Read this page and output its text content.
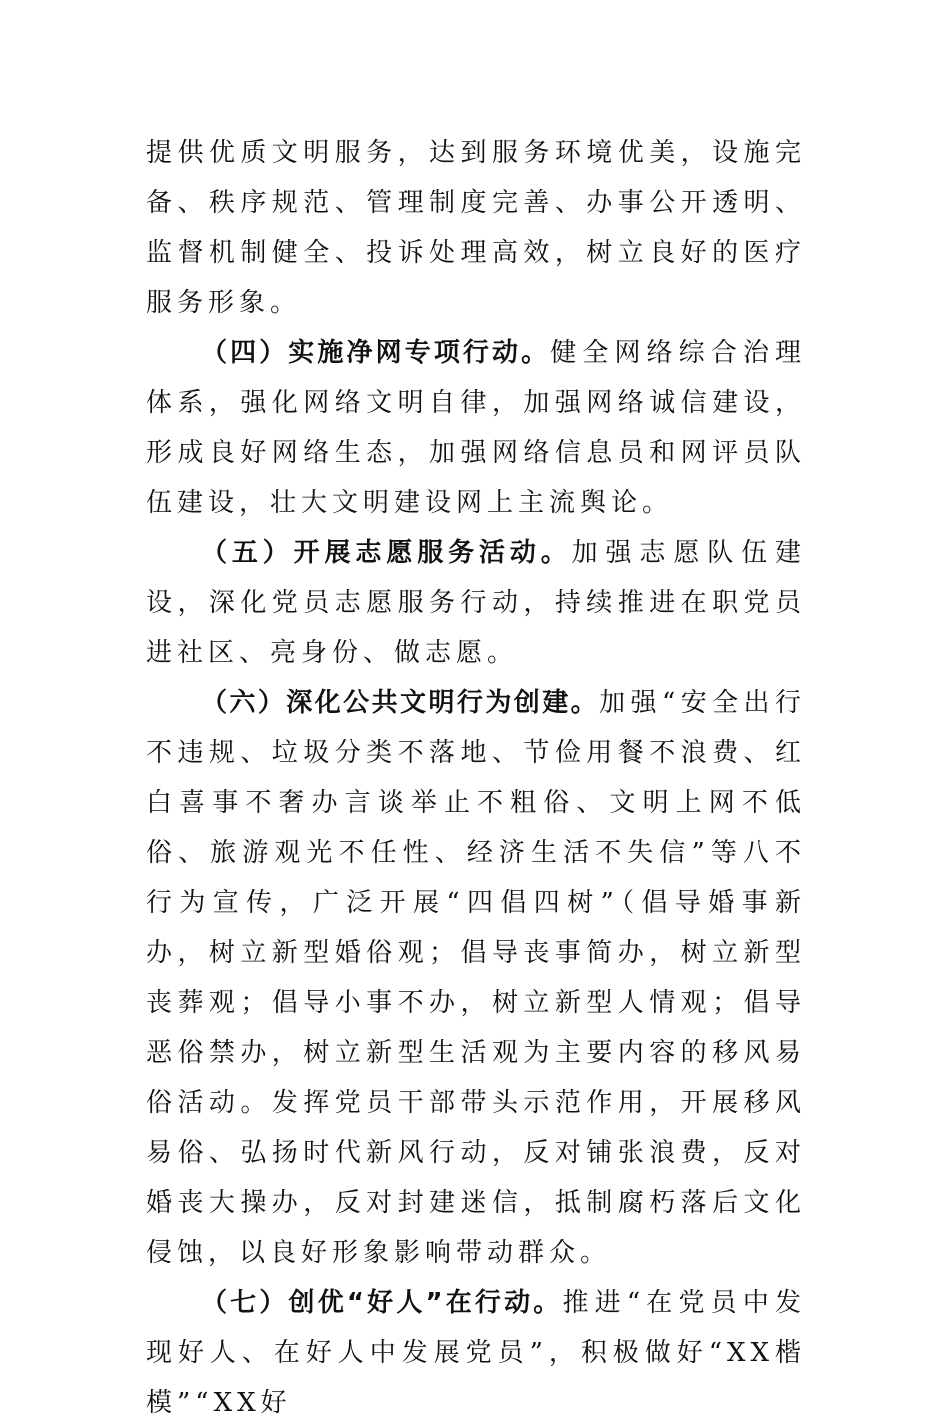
提供优质文明服务，达到服务环境优美，设施完备、秩序规范、管理制度完善、办事公开透明、监督机制健全、投诉处理高效，树立良好的医疗服务形象。

（四）实施净网专项行动。健全网络综合治理体系，强化网络文明自律，加强网络诚信建设，形成良好网络生态，加强网络信息员和网评员队伍建设，壮大文明建设网上主流舆论。

（五）开展志愿服务活动。加强志愿队伍建设，深化党员志愿服务行动，持续推进在职党员进社区、亮身份、做志愿。

（六）深化公共文明行为创建。加强“安全出行不违规、垃圾分类不落地、节俭用餐不浪费、红白喜事不奢办言谈举止不粗俗、文明上网不低俗、旅游观光不任性、经济生活不失信”等八不行为宣传，广泛开展“四倡四树”（倡导婚事新办，树立新型婚俗观；倡导丧事简办，树立新型丧葬观；倡导小事不办，树立新型人情观；倡导恶俗禁办，树立新型生活观为主要内容的移风易俗活动。发挥党员干部带头示范作用，开展移风易俗、弘扬时代新风行动，反对铺张浪费，反对婚丧大操办，反对封建迷信，抵制腐朽落后文化侵蚀，以良好形象影响带动群众。

（七）创优“好人”在行动。推进“在党员中发现好人、在好人中发展党员”，积极做好“XX楷模”“XX好
